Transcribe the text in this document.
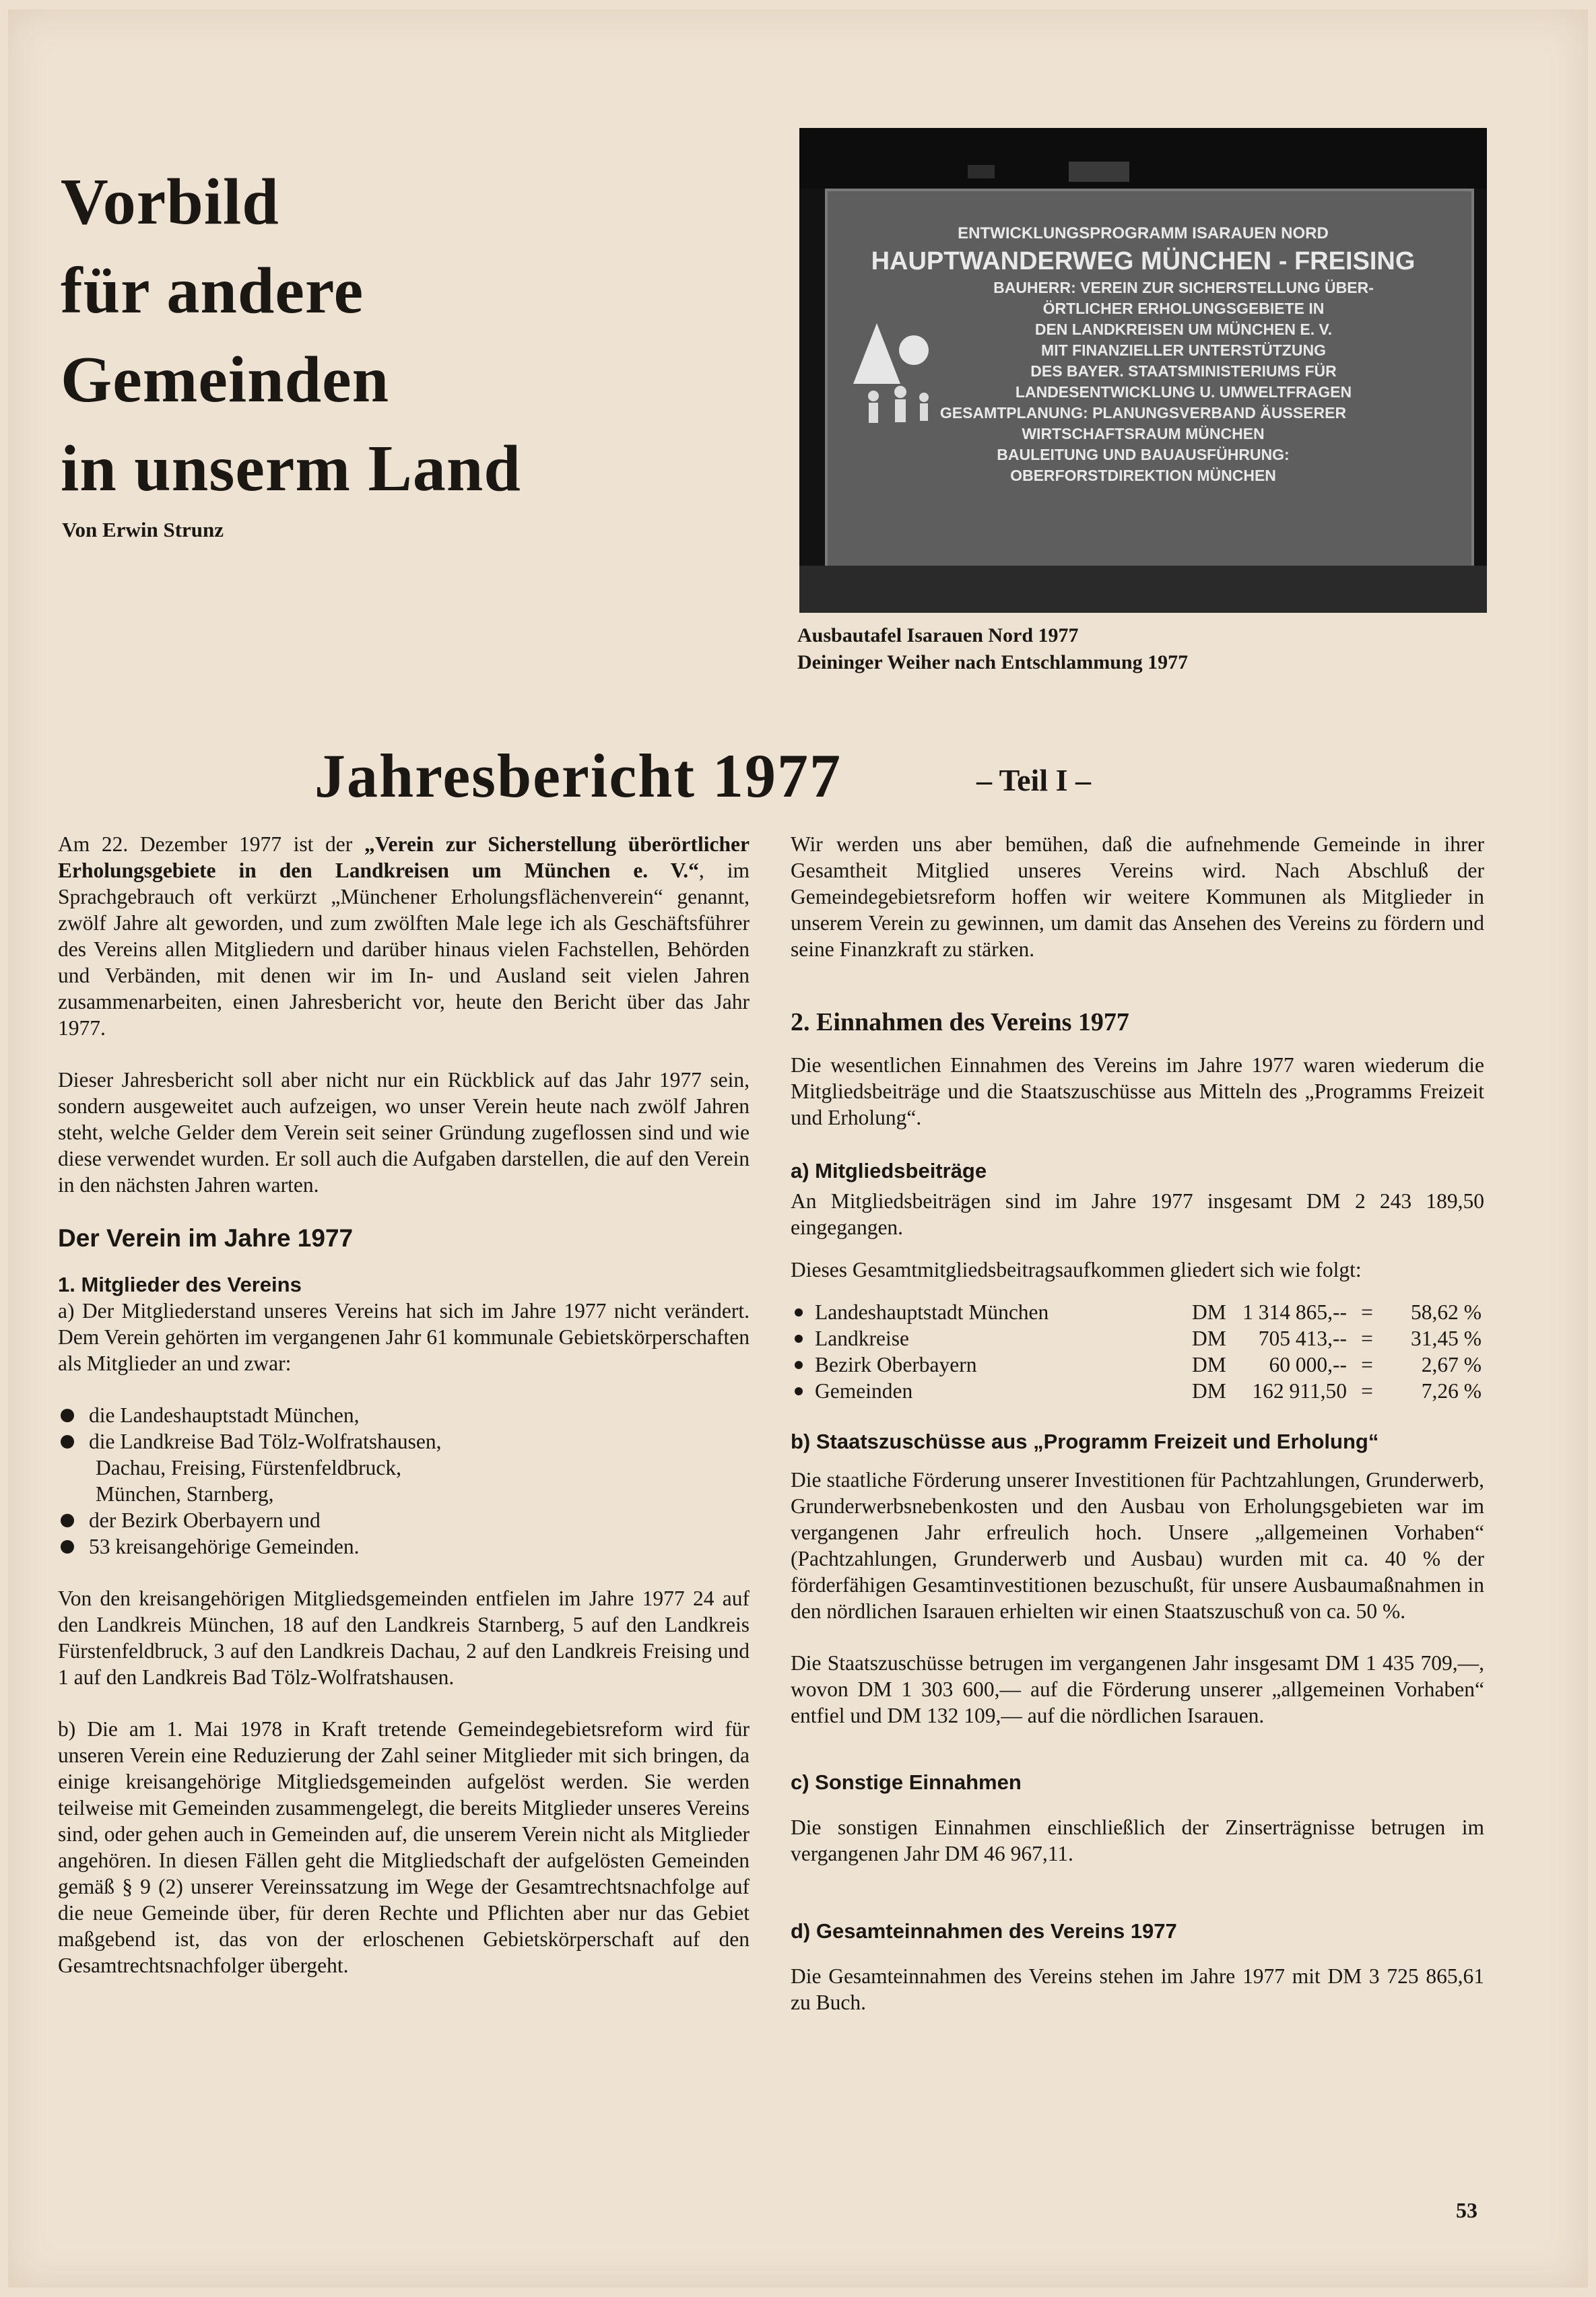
Vorbild
für andere
Gemeinden
in unserm Land
Von Erwin Strunz
ENTWICKLUNGSPROGRAMM ISARAUEN NORD
HAUPTWANDERWEG MÜNCHEN - FREISING
BAUHERR: VEREIN ZUR SICHERSTELLUNG ÜBER-
ÖRTLICHER ERHOLUNGSGEBIETE IN
DEN LANDKREISEN UM MÜNCHEN E. V.
MIT FINANZIELLER UNTERSTÜTZUNG
DES BAYER. STAATSMINISTERIUMS FÜR
LANDESENTWICKLUNG U. UMWELTFRAGEN
GESAMTPLANUNG: PLANUNGSVERBAND ÄUSSERER
WIRTSCHAFTSRAUM MÜNCHEN
BAULEITUNG UND BAUAUSFÜHRUNG:
OBERFORSTDIREKTION MÜNCHEN
Ausbautafel Isarauen Nord 1977
Deininger Weiher nach Entschlammung 1977
Jahresbericht 1977	– Teil I –

Am 22. Dezember 1977 ist der „Verein zur Sicherstellung überörtlicher Erholungsgebiete in den Landkreisen um München e. V.“, im Sprachgebrauch oft verkürzt „Münchener Erholungsflächenverein“ genannt, zwölf Jahre alt geworden, und zum zwölften Male lege ich als Geschäftsführer des Vereins allen Mitgliedern und darüber hinaus vielen Fachstellen, Behörden und Verbänden, mit denen wir im In- und Ausland seit vielen Jahren zusammenarbeiten, einen Jahresbericht vor, heute den Bericht über das Jahr 1977.

Dieser Jahresbericht soll aber nicht nur ein Rückblick auf das Jahr 1977 sein, sondern ausgeweitet auch aufzeigen, wo unser Verein heute nach zwölf Jahren steht, welche Gelder dem Verein seit seiner Gründung zugeflossen sind und wie diese verwendet wurden. Er soll auch die Aufgaben darstellen, die auf den Verein in den nächsten Jahren warten.

Der Verein im Jahre 1977
1. Mitglieder des Vereins

a) Der Mitgliederstand unseres Vereins hat sich im Jahre 1977 nicht verändert. Dem Verein gehörten im vergangenen Jahr 61 kommunale Gebietskörperschaften als Mitglieder an und zwar:

die Landeshauptstadt München,
die Landkreise Bad Tölz-Wolfratshausen,
Dachau, Freising, Fürstenfeldbruck,
München, Starnberg,
der Bezirk Oberbayern und
53 kreisangehörige Gemeinden.

Von den kreisangehörigen Mitgliedsgemeinden entfielen im Jahre 1977 24 auf den Landkreis München, 18 auf den Landkreis Starnberg, 5 auf den Landkreis Fürstenfeldbruck, 3 auf den Landkreis Dachau, 2 auf den Landkreis Freising und 1 auf den Landkreis Bad Tölz-Wolfratshausen.

b) Die am 1. Mai 1978 in Kraft tretende Gemeindegebietsreform wird für unseren Verein eine Reduzierung der Zahl seiner Mitglieder mit sich bringen, da einige kreisangehörige Mitgliedsgemeinden aufgelöst werden. Sie werden teilweise mit Gemeinden zusammengelegt, die bereits Mitglieder unseres Vereins sind, oder gehen auch in Gemeinden auf, die unserem Verein nicht als Mitglieder angehören. In diesen Fällen geht die Mitgliedschaft der aufgelösten Gemeinden gemäß § 9 (2) unserer Vereinssatzung im Wege der Gesamtrechtsnachfolge auf die neue Gemeinde über, für deren Rechte und Pflichten aber nur das Gebiet maßgebend ist, das von der erloschenen Gebietskörperschaft auf den Gesamtrechtsnachfolger übergeht.

Wir werden uns aber bemühen, daß die aufnehmende Gemeinde in ihrer Gesamtheit Mitglied unseres Vereins wird. Nach Abschluß der Gemeindegebietsreform hoffen wir weitere Kommunen als Mitglieder in unserem Verein zu gewinnen, um damit das Ansehen des Vereins zu fördern und seine Finanzkraft zu stärken.

2. Einnahmen des Vereins 1977

Die wesentlichen Einnahmen des Vereins im Jahre 1977 waren wiederum die Mitgliedsbeiträge und die Staatszuschüsse aus Mitteln des „Programms Freizeit und Erholung“.

a) Mitgliedsbeiträge

An Mitgliedsbeiträgen sind im Jahre 1977 insgesamt DM 2 243 189,50 eingegangen.

Dieses Gesamtmitgliedsbeitragsaufkommen gliedert sich wie folgt:

Landeshauptstadt München	DM	1 314 865,--	=	58,62 %

Landkreise	DM	705 413,--	=	31,45 %

Bezirk Oberbayern	DM	60 000,--	=	2,67 %

Gemeinden	DM	162 911,50	=	7,26 %
b) Staatszuschüsse aus „Programm Freizeit und Erholung“

Die staatliche Förderung unserer Investitionen für Pachtzahlungen, Grunderwerb, Grunderwerbsnebenkosten und den Ausbau von Erholungsgebieten war im vergangenen Jahr erfreulich hoch. Unsere „allgemeinen Vorhaben“ (Pachtzahlungen, Grunderwerb und Ausbau) wurden mit ca. 40 % der förderfähigen Gesamtinvestitionen bezuschußt, für unsere Ausbaumaßnahmen in den nördlichen Isarauen erhielten wir einen Staatszuschuß von ca. 50 %.

Die Staatszuschüsse betrugen im vergangenen Jahr insgesamt DM 1 435 709,—, wovon DM 1 303 600,— auf die Förderung unserer „allgemeinen Vorhaben“ entfiel und DM 132 109,— auf die nördlichen Isarauen.

c) Sonstige Einnahmen

Die sonstigen Einnahmen einschließlich der Zinserträgnisse betrugen im vergangenen Jahr DM 46 967,11.

d) Gesamteinnahmen des Vereins 1977

Die Gesamteinnahmen des Vereins stehen im Jahre 1977 mit DM 3 725 865,61 zu Buch.

53
